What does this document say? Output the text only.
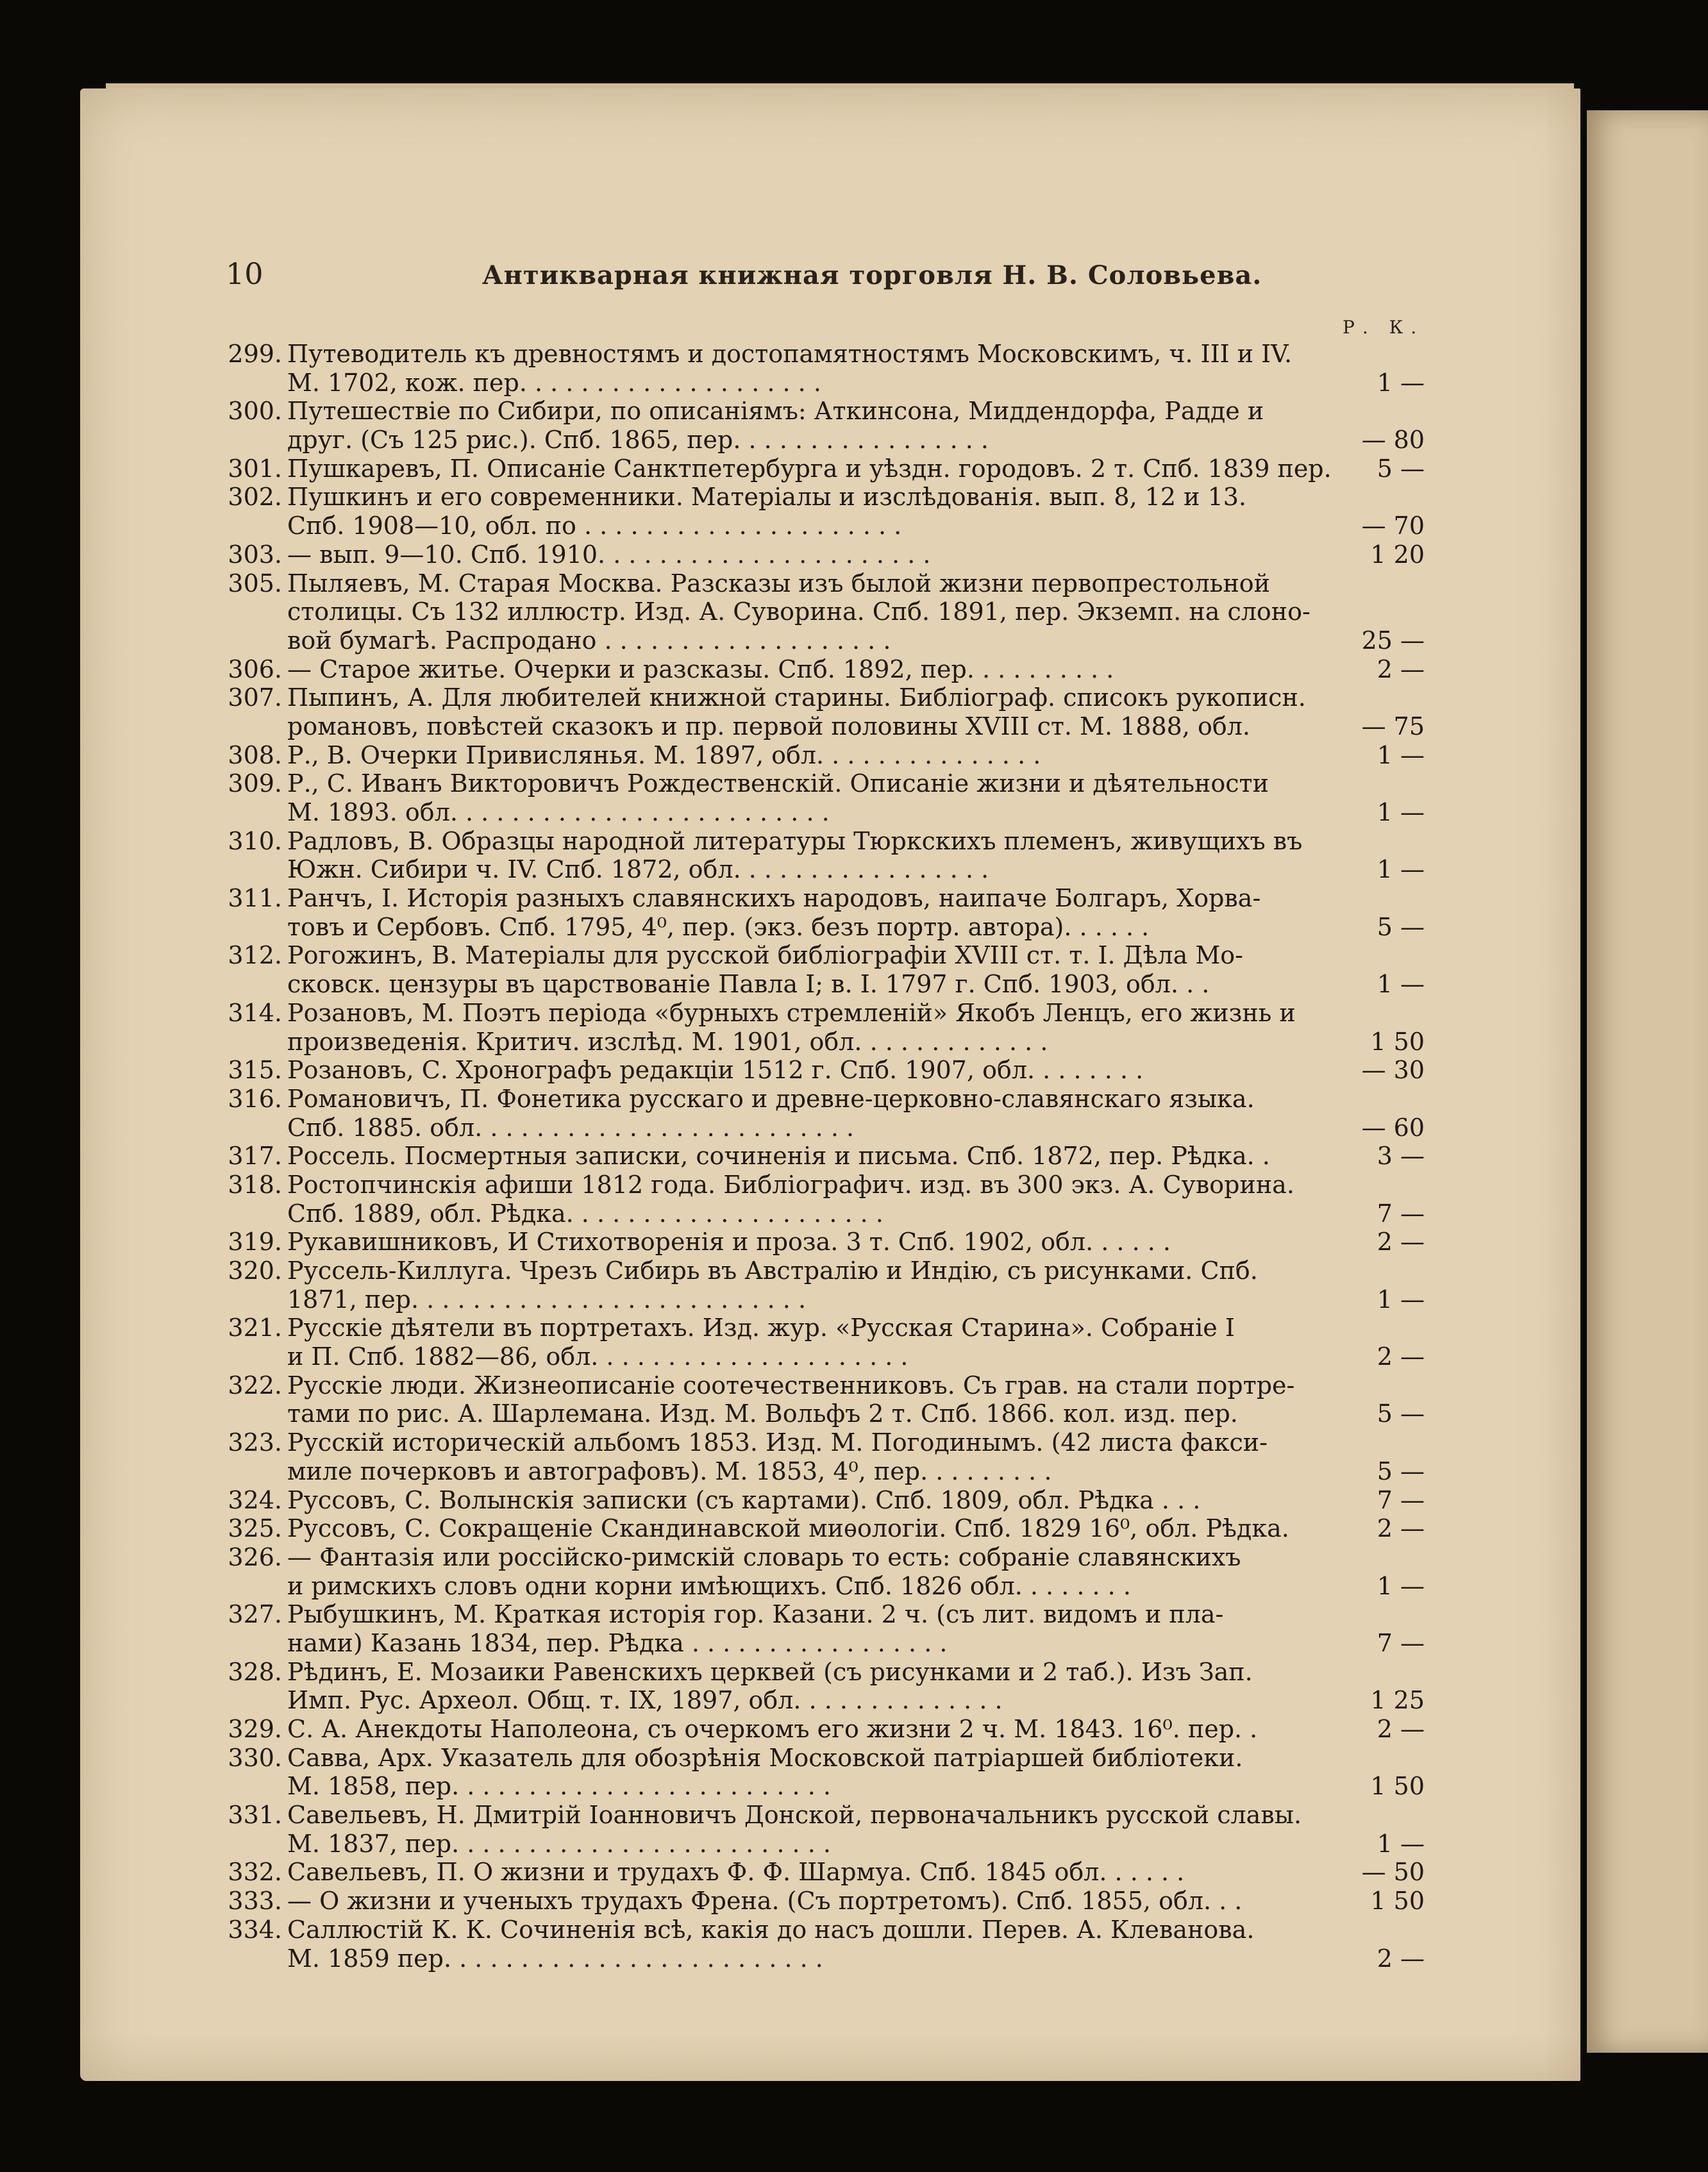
10	Антикварная книжная торговля Н. В. Соловьева.
Р. К.
299. Путеводитель къ древностямъ и достопамятностямъ Московскимъ, ч. III и IV.
М. 1702, кож. пер. . . . . . . . . . . . . . . . . . . .	1 —
300. Путешествіе по Сибири, по описаніямъ: Аткинсона, Миддендорфа, Радде и
друг. (Съ 125 рис.). Спб. 1865, пер. . . . . . . . . . . . . . . . .	— 80
301. Пушкаревъ, П. Описаніе Санктпетербурга и уѣздн. городовъ. 2 т. Спб. 1839 пер.	5 —
302. Пушкинъ и его современники. Матеріалы и изслѣдованія. вып. 8, 12 и 13.
Спб. 1908—10, обл. по . . . . . . . . . . . . . . . . . . . . .	— 70
303. — вып. 9—10. Спб. 1910. . . . . . . . . . . . . . . . . . . . . .	1 20
305. Пыляевъ, М. Старая Москва. Разсказы изъ былой жизни первопрестольной
столицы. Съ 132 иллюстр. Изд. А. Суворина. Спб. 1891, пер. Экземп. на слоно-
вой бумагѣ. Распродано . . . . . . . . . . . . . . . . . . .	25 —
306. — Старое житье. Очерки и разсказы. Спб. 1892, пер. . . . . . . . . .	2 —
307. Пыпинъ, А. Для любителей книжной старины. Библіограф. списокъ рукописн.
романовъ, повѣстей сказокъ и пр. первой половины XVIII ст. М. 1888, обл.	— 75
308. Р., В. Очерки Привислянья. М. 1897, обл. . . . . . . . . . . . . . .	1 —
309. Р., С. Иванъ Викторовичъ Рождественскій. Описаніе жизни и дѣятельности
М. 1893. обл. . . . . . . . . . . . . . . . . . . . . . . . .	1 —
310. Радловъ, В. Образцы народной литературы Тюркскихъ племенъ, живущихъ въ
Южн. Сибири ч. IV. Спб. 1872, обл. . . . . . . . . . . . . . . . .	1 —
311. Ранчъ, І. Исторія разныхъ славянскихъ народовъ, наипаче Болгаръ, Хорва-
товъ и Сербовъ. Спб. 1795, 4⁰, пер. (экз. безъ портр. автора). . . . . .	5 —
312. Рогожинъ, В. Матеріалы для русской библіографіи XVIII ст. т. І. Дѣла Мо-
сковск. цензуры въ царствованіе Павла І; в. І. 1797 г. Спб. 1903, обл. . .	1 —
314. Розановъ, М. Поэтъ періода «бурныхъ стремленій» Якобъ Ленцъ, его жизнь и
произведенія. Критич. изслѣд. М. 1901, обл. . . . . . . . . . . . .	1 50
315. Розановъ, С. Хронографъ редакціи 1512 г. Спб. 1907, обл. . . . . . . .	— 30
316. Романовичъ, П. Фонетика русскаго и древне-церковно-славянскаго языка.
Спб. 1885. обл. . . . . . . . . . . . . . . . . . . . . . . . .	— 60
317. Россель. Посмертныя записки, сочиненія и письма. Спб. 1872, пер. Рѣдка. .	3 —
318. Ростопчинскія афиши 1812 года. Библіографич. изд. въ 300 экз. А. Суворина.
Спб. 1889, обл. Рѣдка. . . . . . . . . . . . . . . . . . . . .	7 —
319. Рукавишниковъ, И Стихотворенія и проза. 3 т. Спб. 1902, обл. . . . . .	2 —
320. Руссель-Киллуга. Чрезъ Сибирь въ Австралію и Индію, съ рисунками. Спб.
1871, пер. . . . . . . . . . . . . . . . . . . . . . . . . .	1 —
321. Русскіе дѣятели въ портретахъ. Изд. жур. «Русская Старина». Собраніе І
и П. Спб. 1882—86, обл. . . . . . . . . . . . . . . . . . . . .	2 —
322. Русскіе люди. Жизнеописаніе соотечественниковъ. Съ грав. на стали портре-
тами по рис. А. Шарлемана. Изд. М. Вольфъ 2 т. Спб. 1866. кол. изд. пер.	5 —
323. Русскій историческій альбомъ 1853. Изд. М. Погодинымъ. (42 листа факси-
миле почерковъ и автографовъ). М. 1853, 4⁰, пер. . . . . . . . .	5 —
324. Руссовъ, С. Волынскія записки (съ картами). Спб. 1809, обл. Рѣдка . . .	7 —
325. Руссовъ, С. Сокращеніе Скандинавской миѳологіи. Спб. 1829 16⁰, обл. Рѣдка.	2 —
326. — Фантазія или россійско-римскій словарь то есть: собраніе славянскихъ
и римскихъ словъ одни корни имѣющихъ. Спб. 1826 обл. . . . . . . .	1 —
327. Рыбушкинъ, М. Краткая исторія гор. Казани. 2 ч. (съ лит. видомъ и пла-
нами) Казань 1834, пер. Рѣдка . . . . . . . . . . . . . . . . .	7 —
328. Рѣдинъ, Е. Мозаики Равенскихъ церквей (съ рисунками и 2 таб.). Изъ Зап.
Имп. Рус. Археол. Общ. т. IX, 1897, обл. . . . . . . . . . . . . .	1 25
329. С. А. Анекдоты Наполеона, съ очеркомъ его жизни 2 ч. М. 1843. 16⁰. пер. .	2 —
330. Савва, Арх. Указатель для обозрѣнія Московской патріаршей библіотеки.
М. 1858, пер. . . . . . . . . . . . . . . . . . . . . . . . .	1 50
331. Савельевъ, Н. Дмитрій Іоанновичъ Донской, первоначальникъ русской славы.
М. 1837, пер. . . . . . . . . . . . . . . . . . . . . . . . .	1 —
332. Савельевъ, П. О жизни и трудахъ Ф. Ф. Шармуа. Спб. 1845 обл. . . . . .	— 50
333. — О жизни и ученыхъ трудахъ Френа. (Съ портретомъ). Спб. 1855, обл. . .	1 50
334. Саллюстій К. К. Сочиненія всѣ, какія до насъ дошли. Перев. А. Клеванова.
М. 1859 пер. . . . . . . . . . . . . . . . . . . . . . . . .	2 —
